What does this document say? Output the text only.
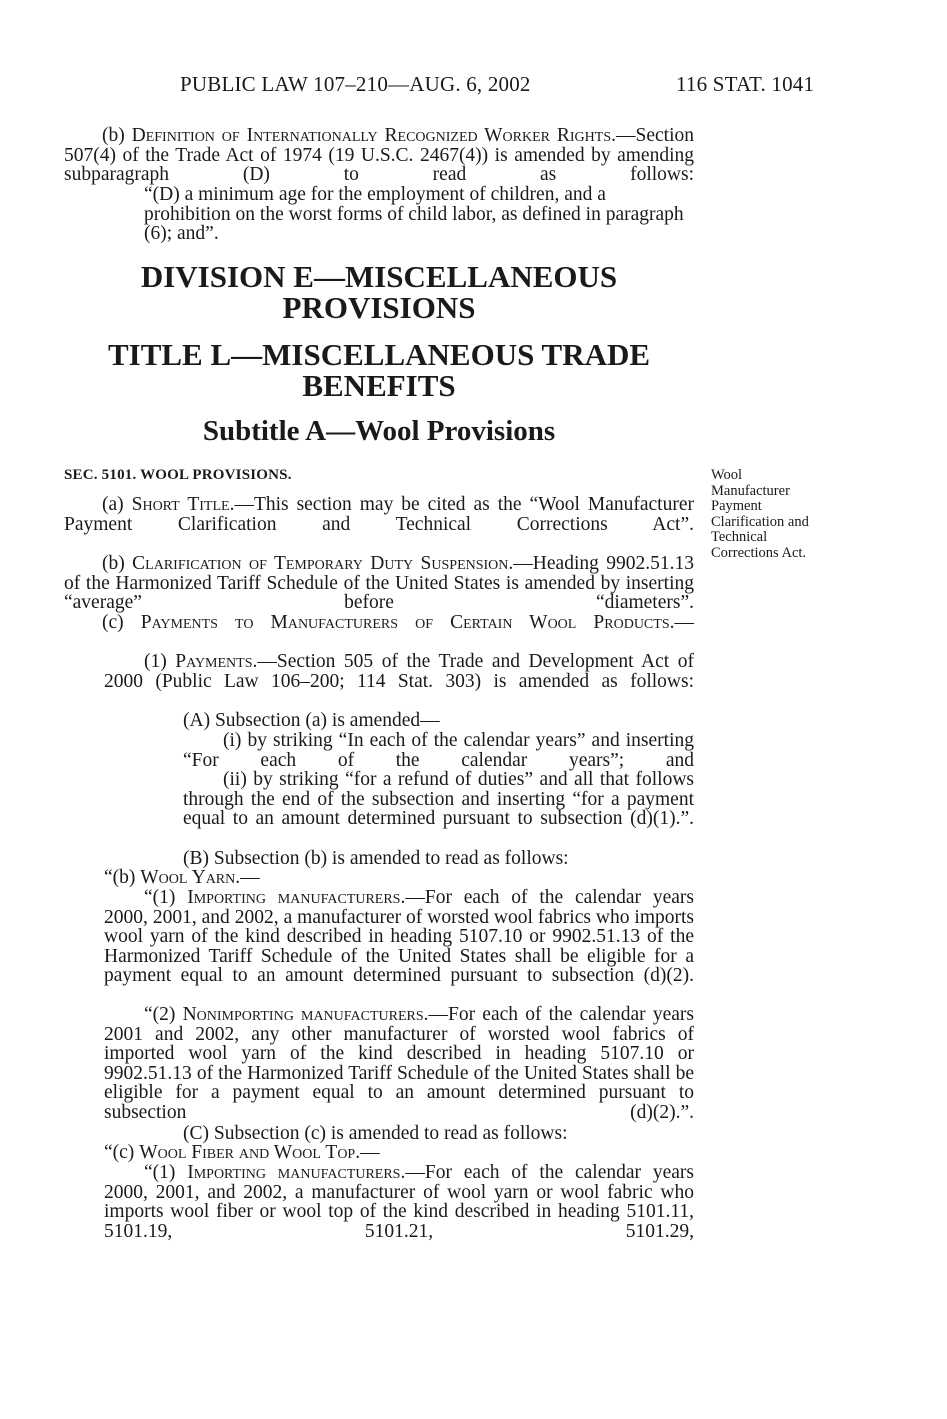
PUBLIC LAW 107–210—AUG. 6, 2002	116 STAT. 1041

(b) Definition of Internationally Recognized Worker Rights.—Section 507(4) of the Trade Act of 1974 (19 U.S.C. 2467(4)) is amended by amending subparagraph (D) to read as follows:

“(D) a minimum age for the employment of children, and a prohibition on the worst forms of child labor, as defined in paragraph (6); and”.

DIVISION E—MISCELLANEOUS
PROVISIONS
TITLE L—MISCELLANEOUS TRADE
BENEFITS
Subtitle A—Wool Provisions
SEC. 5101. WOOL PROVISIONS.	Wool
Manufacturer
Payment
Clarification and
Technical
Corrections Act.

(a) Short Title.—This section may be cited as the “Wool Manufacturer Payment Clarification and Technical Corrections Act”.

(b) Clarification of Temporary Duty Suspension.—Heading 9902.51.13 of the Harmonized Tariff Schedule of the United States is amended by inserting “average” before “diameters”.

(c) Payments to Manufacturers of Certain Wool Products.—

(1) Payments.—Section 505 of the Trade and Development Act of 2000 (Public Law 106–200; 114 Stat. 303) is amended as follows:

(A) Subsection (a) is amended—

(i) by striking “In each of the calendar years” and inserting “For each of the calendar years”; and

(ii) by striking “for a refund of duties” and all that follows through the end of the subsection and inserting “for a payment equal to an amount determined pursuant to subsection (d)(1).”.

(B) Subsection (b) is amended to read as follows:
“(b) Wool Yarn.—

“(1) Importing manufacturers.—For each of the calendar years 2000, 2001, and 2002, a manufacturer of worsted wool fabrics who imports wool yarn of the kind described in heading 5107.10 or 9902.51.13 of the Harmonized Tariff Schedule of the United States shall be eligible for a payment equal to an amount determined pursuant to subsection (d)(2).

“(2) Nonimporting manufacturers.—For each of the calendar years 2001 and 2002, any other manufacturer of worsted wool fabrics of imported wool yarn of the kind described in heading 5107.10 or 9902.51.13 of the Harmonized Tariff Schedule of the United States shall be eligible for a payment equal to an amount determined pursuant to subsection (d)(2).”.

(C) Subsection (c) is amended to read as follows:
“(c) Wool Fiber and Wool Top.—

“(1) Importing manufacturers.—For each of the calendar years 2000, 2001, and 2002, a manufacturer of wool yarn or wool fabric who imports wool fiber or wool top of the kind described in heading 5101.11, 5101.19, 5101.21, 5101.29,
